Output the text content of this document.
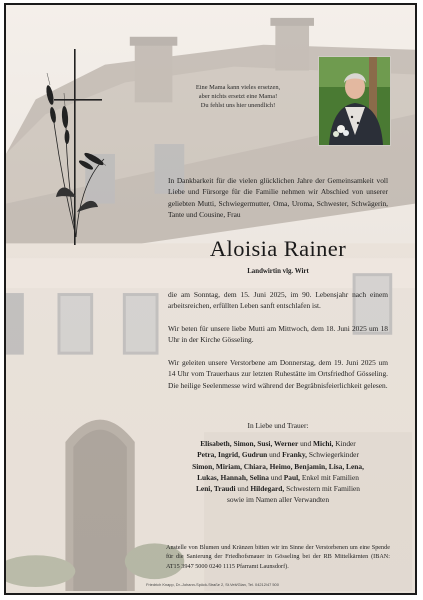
Eine Mama kann vieles ersetzen,
aber nichts ersetzt eine Mama!
Du fehlst uns hier unendlich!
In Dankbarkeit für die vielen glücklichen Jahre der Gemeinsamkeit voll Liebe und Fürsorge für die Familie nehmen wir Abschied von unserer geliebten Mutti, Schwiegermutter, Oma, Uroma, Schwester, Schwägerin, Tante und Cousine, Frau
Aloisia Rainer
Landwirtin vlg. Wirt
die am Sonntag, dem 15. Juni 2025, im 90. Lebensjahr nach einem arbeitsreichen, erfüllten Leben sanft entschlafen ist.
Wir beten für unsere liebe Mutti am Mittwoch, dem 18. Juni 2025 um 18 Uhr in der Kirche Gösseling.
Wir geleiten unsere Verstorbene am Donnerstag, dem 19. Juni 2025 um 14 Uhr vom Trauerhaus zur letzten Ruhestätte im Ortsfriedhof Gösseling. Die heilige Seelenmesse wird während der Begräbnisfeierlichkeit gelesen.
In Liebe und Trauer:
Elisabeth, Simon, Susi, Werner und Michi, Kinder
Petra, Ingrid, Gudrun und Franky, Schwiegerkinder
Simon, Miriam, Chiara, Heimo, Benjamin, Lisa, Lena,
Lukas, Hannah, Selina und Paul, Enkel mit Familien
Leni, Traudi und Hildegard, Schwestern mit Familien
sowie im Namen aller Verwandten
Anstelle von Blumen und Kränzen bitten wir im Sinne der Verstorbenen um eine Spende für die Sanierung der Friedhofsmauer in Gösseling bei der RB Mittelkärnten (IBAN: AT15 3947 5000 0240 1115 Pfarramt Launsdorf).
Friedrich Knapp, Dr.-Johann-Spöck-Straße 2, St.Veit/Glan, Tel. 04212/47 500
